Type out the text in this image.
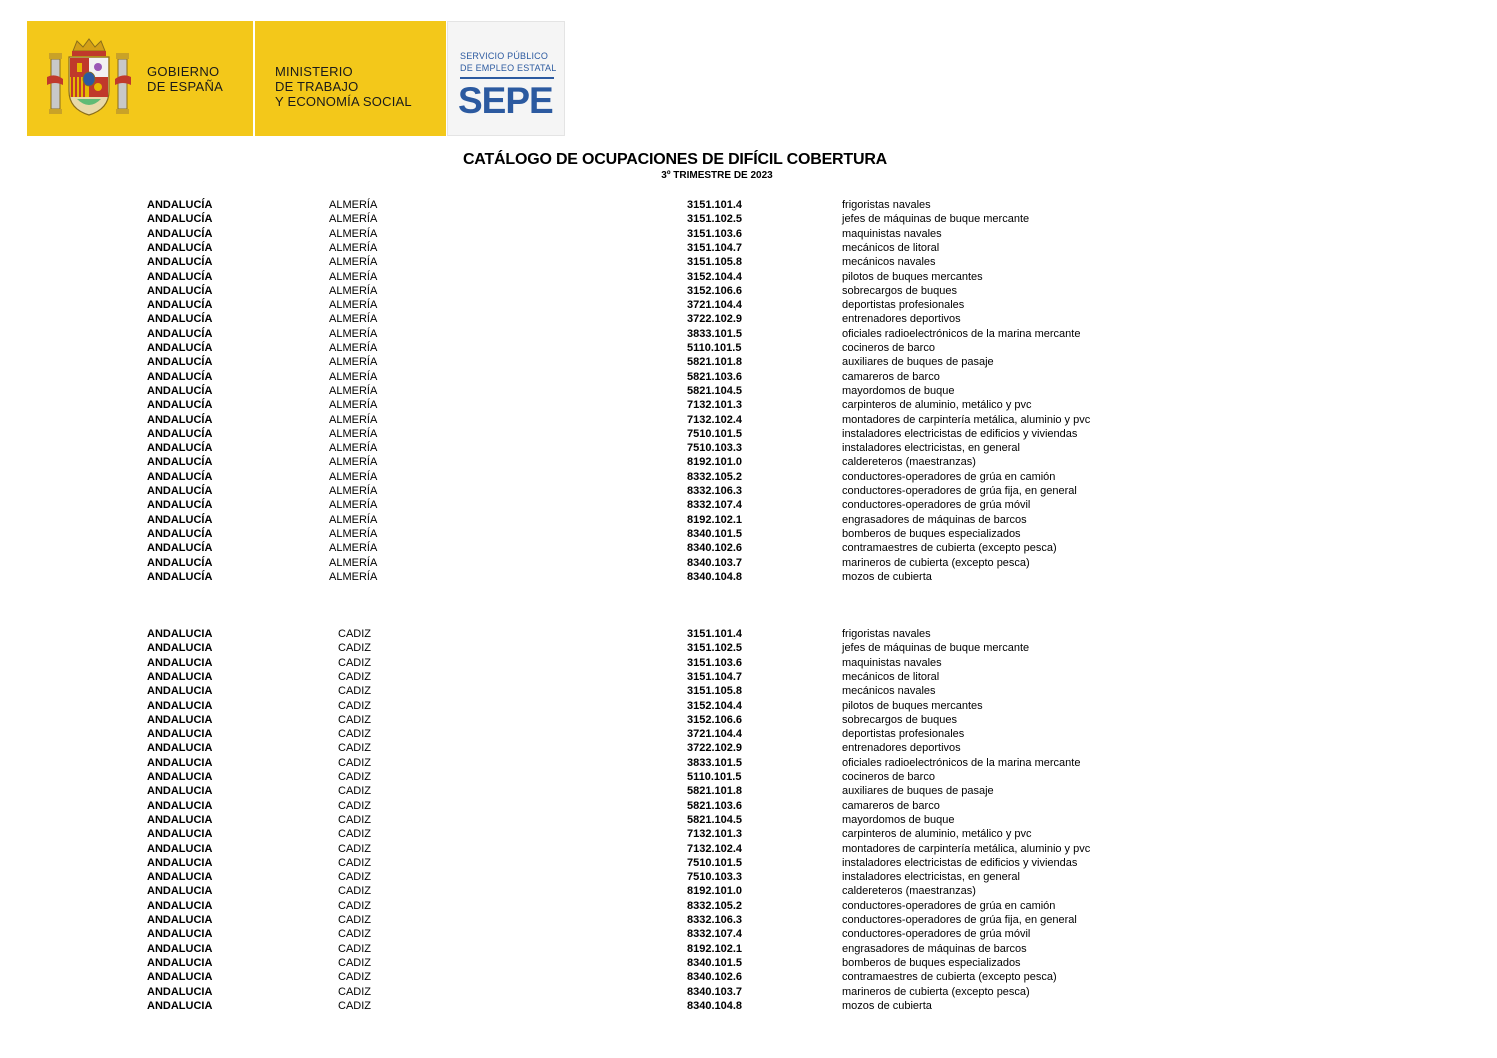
GOBIERNO
DE ESPAÑA
MINISTERIO
DE TRABAJO
Y ECONOMÍA SOCIAL
SERVICIO PÚBLICO
DE EMPLEO ESTATAL
SEPE
CATÁLOGO DE OCUPACIONES DE DIFÍCIL COBERTURA
3º TRIMESTRE DE 2023
ANDALUCÍA	ALMERÍA	3151.101.4	frigoristas navales
ANDALUCÍA	ALMERÍA	3151.102.5	jefes de máquinas de buque mercante
ANDALUCÍA	ALMERÍA	3151.103.6	maquinistas navales
ANDALUCÍA	ALMERÍA	3151.104.7	mecánicos de litoral
ANDALUCÍA	ALMERÍA	3151.105.8	mecánicos navales
ANDALUCÍA	ALMERÍA	3152.104.4	pilotos de buques mercantes
ANDALUCÍA	ALMERÍA	3152.106.6	sobrecargos de buques
ANDALUCÍA	ALMERÍA	3721.104.4	deportistas profesionales
ANDALUCÍA	ALMERÍA	3722.102.9	entrenadores deportivos
ANDALUCÍA	ALMERÍA	3833.101.5	oficiales radioelectrónicos de la marina mercante
ANDALUCÍA	ALMERÍA	5110.101.5	cocineros de barco
ANDALUCÍA	ALMERÍA	5821.101.8	auxiliares de buques de pasaje
ANDALUCÍA	ALMERÍA	5821.103.6	camareros de barco
ANDALUCÍA	ALMERÍA	5821.104.5	mayordomos de buque
ANDALUCÍA	ALMERÍA	7132.101.3	carpinteros de aluminio, metálico y pvc
ANDALUCÍA	ALMERÍA	7132.102.4	montadores de carpintería metálica, aluminio y pvc
ANDALUCÍA	ALMERÍA	7510.101.5	instaladores electricistas de edificios y viviendas
ANDALUCÍA	ALMERÍA	7510.103.3	instaladores electricistas, en general
ANDALUCÍA	ALMERÍA	8192.101.0	caldereteros (maestranzas)
ANDALUCÍA	ALMERÍA	8332.105.2	conductores-operadores de grúa en camión
ANDALUCÍA	ALMERÍA	8332.106.3	conductores-operadores de grúa fija, en general
ANDALUCÍA	ALMERÍA	8332.107.4	conductores-operadores de grúa móvil
ANDALUCÍA	ALMERÍA	8192.102.1	engrasadores de máquinas de barcos
ANDALUCÍA	ALMERÍA	8340.101.5	bomberos de buques especializados
ANDALUCÍA	ALMERÍA	8340.102.6	contramaestres de cubierta (excepto pesca)
ANDALUCÍA	ALMERÍA	8340.103.7	marineros de cubierta (excepto pesca)
ANDALUCÍA	ALMERÍA	8340.104.8	mozos de cubierta
ANDALUCIA	CADIZ	3151.101.4	frigoristas navales
ANDALUCIA	CADIZ	3151.102.5	jefes de máquinas de buque mercante
ANDALUCIA	CADIZ	3151.103.6	maquinistas navales
ANDALUCIA	CADIZ	3151.104.7	mecánicos de litoral
ANDALUCIA	CADIZ	3151.105.8	mecánicos navales
ANDALUCIA	CADIZ	3152.104.4	pilotos de buques mercantes
ANDALUCIA	CADIZ	3152.106.6	sobrecargos de buques
ANDALUCIA	CADIZ	3721.104.4	deportistas profesionales
ANDALUCIA	CADIZ	3722.102.9	entrenadores deportivos
ANDALUCIA	CADIZ	3833.101.5	oficiales radioelectrónicos de la marina mercante
ANDALUCIA	CADIZ	5110.101.5	cocineros de barco
ANDALUCIA	CADIZ	5821.101.8	auxiliares de buques de pasaje
ANDALUCIA	CADIZ	5821.103.6	camareros de barco
ANDALUCIA	CADIZ	5821.104.5	mayordomos de buque
ANDALUCIA	CADIZ	7132.101.3	carpinteros de aluminio, metálico y pvc
ANDALUCIA	CADIZ	7132.102.4	montadores de carpintería metálica, aluminio y pvc
ANDALUCIA	CADIZ	7510.101.5	instaladores electricistas de edificios y viviendas
ANDALUCIA	CADIZ	7510.103.3	instaladores electricistas, en general
ANDALUCIA	CADIZ	8192.101.0	caldereteros (maestranzas)
ANDALUCIA	CADIZ	8332.105.2	conductores-operadores de grúa en camión
ANDALUCIA	CADIZ	8332.106.3	conductores-operadores de grúa fija, en general
ANDALUCIA	CADIZ	8332.107.4	conductores-operadores de grúa móvil
ANDALUCIA	CADIZ	8192.102.1	engrasadores de máquinas de barcos
ANDALUCIA	CADIZ	8340.101.5	bomberos de buques especializados
ANDALUCIA	CADIZ	8340.102.6	contramaestres de cubierta (excepto pesca)
ANDALUCIA	CADIZ	8340.103.7	marineros de cubierta (excepto pesca)
ANDALUCIA	CADIZ	8340.104.8	mozos de cubierta
